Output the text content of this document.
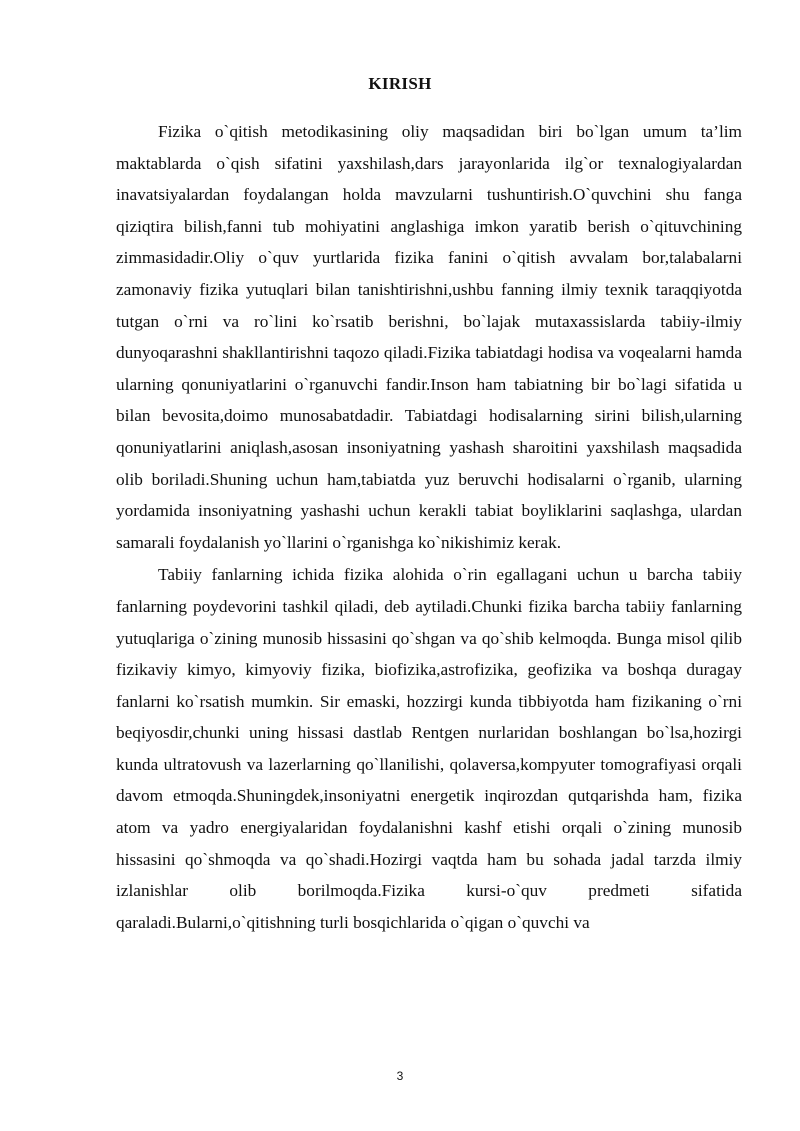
KIRISH

Fizika o`qitish metodikasining oliy maqsadidan biri bo`lgan umum ta’lim maktablarda o`qish sifatini yaxshilash,dars jarayonlarida ilg`or texnalogiyalardan inavatsiyalardan foydalangan holda mavzularni tushuntirish.O`quvchini shu fanga qiziqtira bilish,fanni tub mohiyatini anglashiga imkon yaratib berish o`qituvchining zimmasidadir.Oliy o`quv yurtlarida fizika fanini o`qitish avvalam bor,talabalarni zamonaviy fizika yutuqlari bilan tanishtirishni,ushbu fanning ilmiy texnik taraqqiyotda tutgan o`rni va ro`lini ko`rsatib berishni, bo`lajak mutaxassislarda tabiiy-ilmiy dunyoqarashni shakllantirishni taqozo qiladi.Fizika tabiatdagi hodisa va voqealarni hamda ularning qonuniyatlarini o`rganuvchi fandir.Inson ham tabiatning bir bo`lagi sifatida u bilan bevosita,doimo munosabatdadir. Tabiatdagi hodisalarning sirini bilish,ularning qonuniyatlarini aniqlash,asosan insoniyatning yashash sharoitini yaxshilash maqsadida olib boriladi.Shuning uchun ham,tabiatda yuz beruvchi hodisalarni o`rganib, ularning yordamida insoniyatning yashashi uchun kerakli tabiat boyliklarini saqlashga, ulardan samarali foydalanish yo`llarini o`rganishga ko`nikishimiz kerak.

Tabiiy fanlarning ichida fizika alohida o`rin egallagani uchun u barcha tabiiy fanlarning poydevorini tashkil qiladi, deb aytiladi.Chunki fizika barcha tabiiy fanlarning yutuqlariga o`zining munosib hissasini qo`shgan va qo`shib kelmoqda. Bunga misol qilib fizikaviy kimyo, kimyoviy fizika, biofizika,astrofizika, geofizika va boshqa duragay fanlarni ko`rsatish mumkin. Sir emaski, hozzirgi kunda tibbiyotda ham fizikaning o`rni beqiyosdir,chunki uning hissasi dastlab Rentgen nurlaridan boshlangan bo`lsa,hozirgi kunda ultratovush va lazerlarning qo`llanilishi, qolaversa,kompyuter tomografiyasi orqali davom etmoqda.Shuningdek,insoniyatni energetik inqirozdan qutqarishda ham, fizika atom va yadro energiyalaridan foydalanishni kashf etishi orqali o`zining munosib hissasini qo`shmoqda va qo`shadi.Hozirgi vaqtda ham bu sohada jadal tarzda ilmiy izlanishlar olib borilmoqda.Fizika kursi-o`quv predmeti sifatida qaraladi.Bularni,o`qitishning turli bosqichlarida o`qigan o`quvchi va

3
